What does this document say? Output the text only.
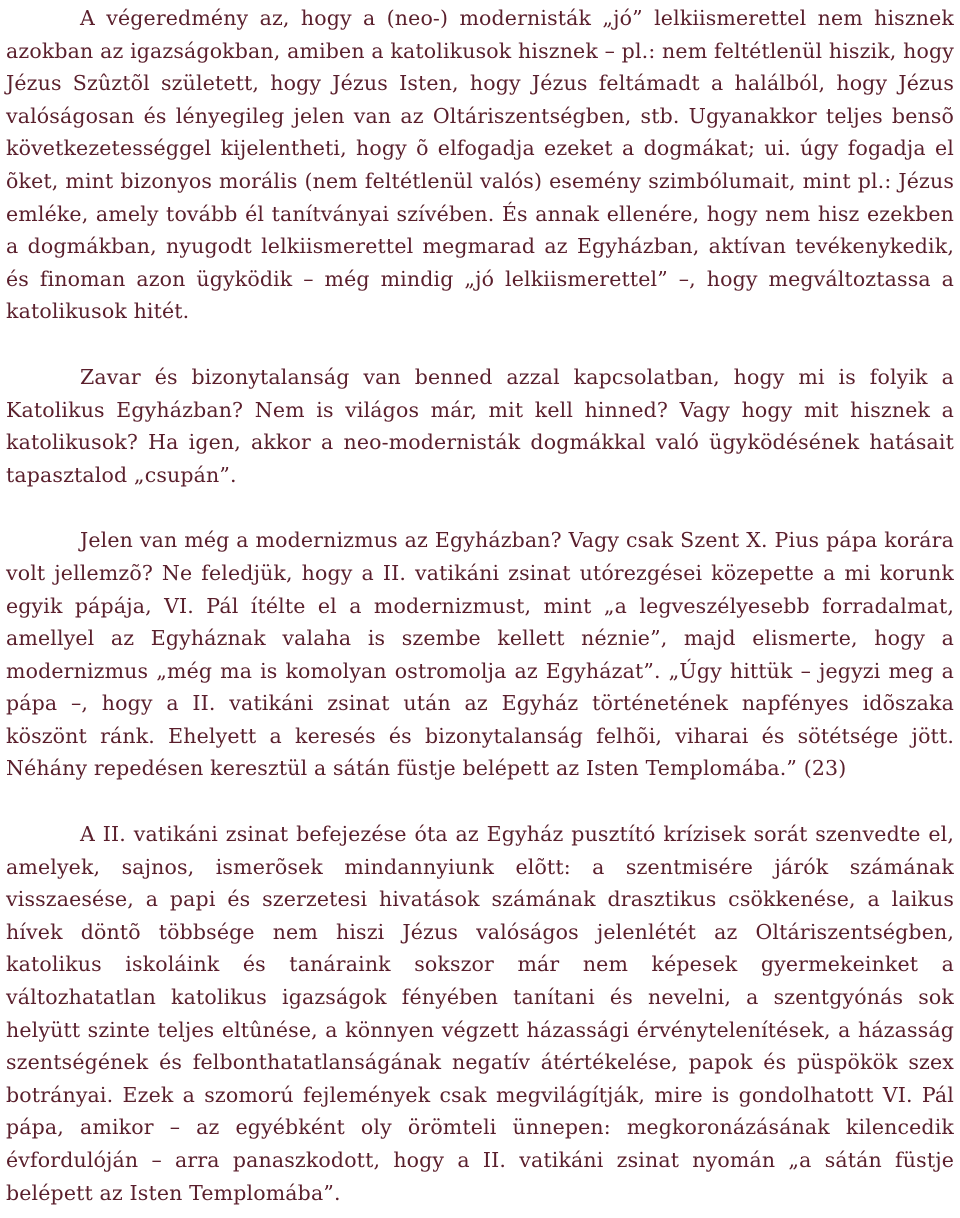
A végeredmény az, hogy a (neo-) modernisták „jó” lelkiismerettel nem hisznek azokban az igazságokban, amiben a katolikusok hisznek – pl.: nem feltétlenül hiszik, hogy Jézus Szûztõl született, hogy Jézus Isten, hogy Jézus feltámadt a halálból, hogy Jézus valóságosan és lényegileg jelen van az Oltáriszentségben, stb. Ugyanakkor teljes bensõ következetességgel kijelentheti, hogy õ elfogadja ezeket a dogmákat; ui. úgy fogadja el õket, mint bizonyos morális (nem feltétlenül valós) esemény szimbólumait, mint pl.: Jézus emléke, amely tovább él tanítványai szívében. És annak ellenére, hogy nem hisz ezekben a dogmákban, nyugodt lelkiismerettel megmarad az Egyházban, aktívan tevékenykedik, és finoman azon ügyködik – még mindig „jó lelkiismerettel” –, hogy megváltoztassa a katolikusok hitét.

Zavar és bizonytalanság van benned azzal kapcsolatban, hogy mi is folyik a Katolikus Egyházban? Nem is világos már, mit kell hinned? Vagy hogy mit hisznek a katolikusok? Ha igen, akkor a neo-modernisták dogmákkal való ügyködésének hatásait tapasztalod „csupán”.

Jelen van még a modernizmus az Egyházban? Vagy csak Szent X. Pius pápa korára volt jellemzõ? Ne feledjük, hogy a II. vatikáni zsinat utórezgései közepette a mi korunk egyik pápája, VI. Pál ítélte el a modernizmust, mint „a legveszélyesebb forradalmat, amellyel az Egyháznak valaha is szembe kellett néznie”, majd elismerte, hogy a modernizmus „még ma is komolyan ostromolja az Egyházat”. „Úgy hittük – jegyzi meg a pápa –, hogy a II. vatikáni zsinat után az Egyház történetének napfényes idõszaka köszönt ránk. Ehelyett a keresés és bizonytalanság felhõi, viharai és sötétsége jött. Néhány repedésen keresztül a sátán füstje belépett az Isten Templomába.” (23)

A II. vatikáni zsinat befejezése óta az Egyház pusztító krízisek sorát szenvedte el, amelyek, sajnos, ismerõsek mindannyiunk elõtt: a szentmisére járók számának visszaesése, a papi és szerzetesi hivatások számának drasztikus csökkenése, a laikus hívek döntõ többsége nem hiszi Jézus valóságos jelenlétét az Oltáriszentségben, katolikus iskoláink és tanáraink sokszor már nem képesek gyermekeinket a változhatatlan katolikus igazságok fényében tanítani és nevelni, a szentgyónás sok helyütt szinte teljes eltûnése, a könnyen végzett házassági érvénytelenítések, a házasság szentségének és felbonthatatlanságának negatív átértékelése, papok és püspökök szex botrányai. Ezek a szomorú fejlemények csak megvilágítják, mire is gondolhatott VI. Pál pápa, amikor – az egyébként oly örömteli ünnepen: megkoronázásának kilencedik évfordulóján – arra panaszkodott, hogy a II. vatikáni zsinat nyomán „a sátán füstje belépett az Isten Templomába”.
